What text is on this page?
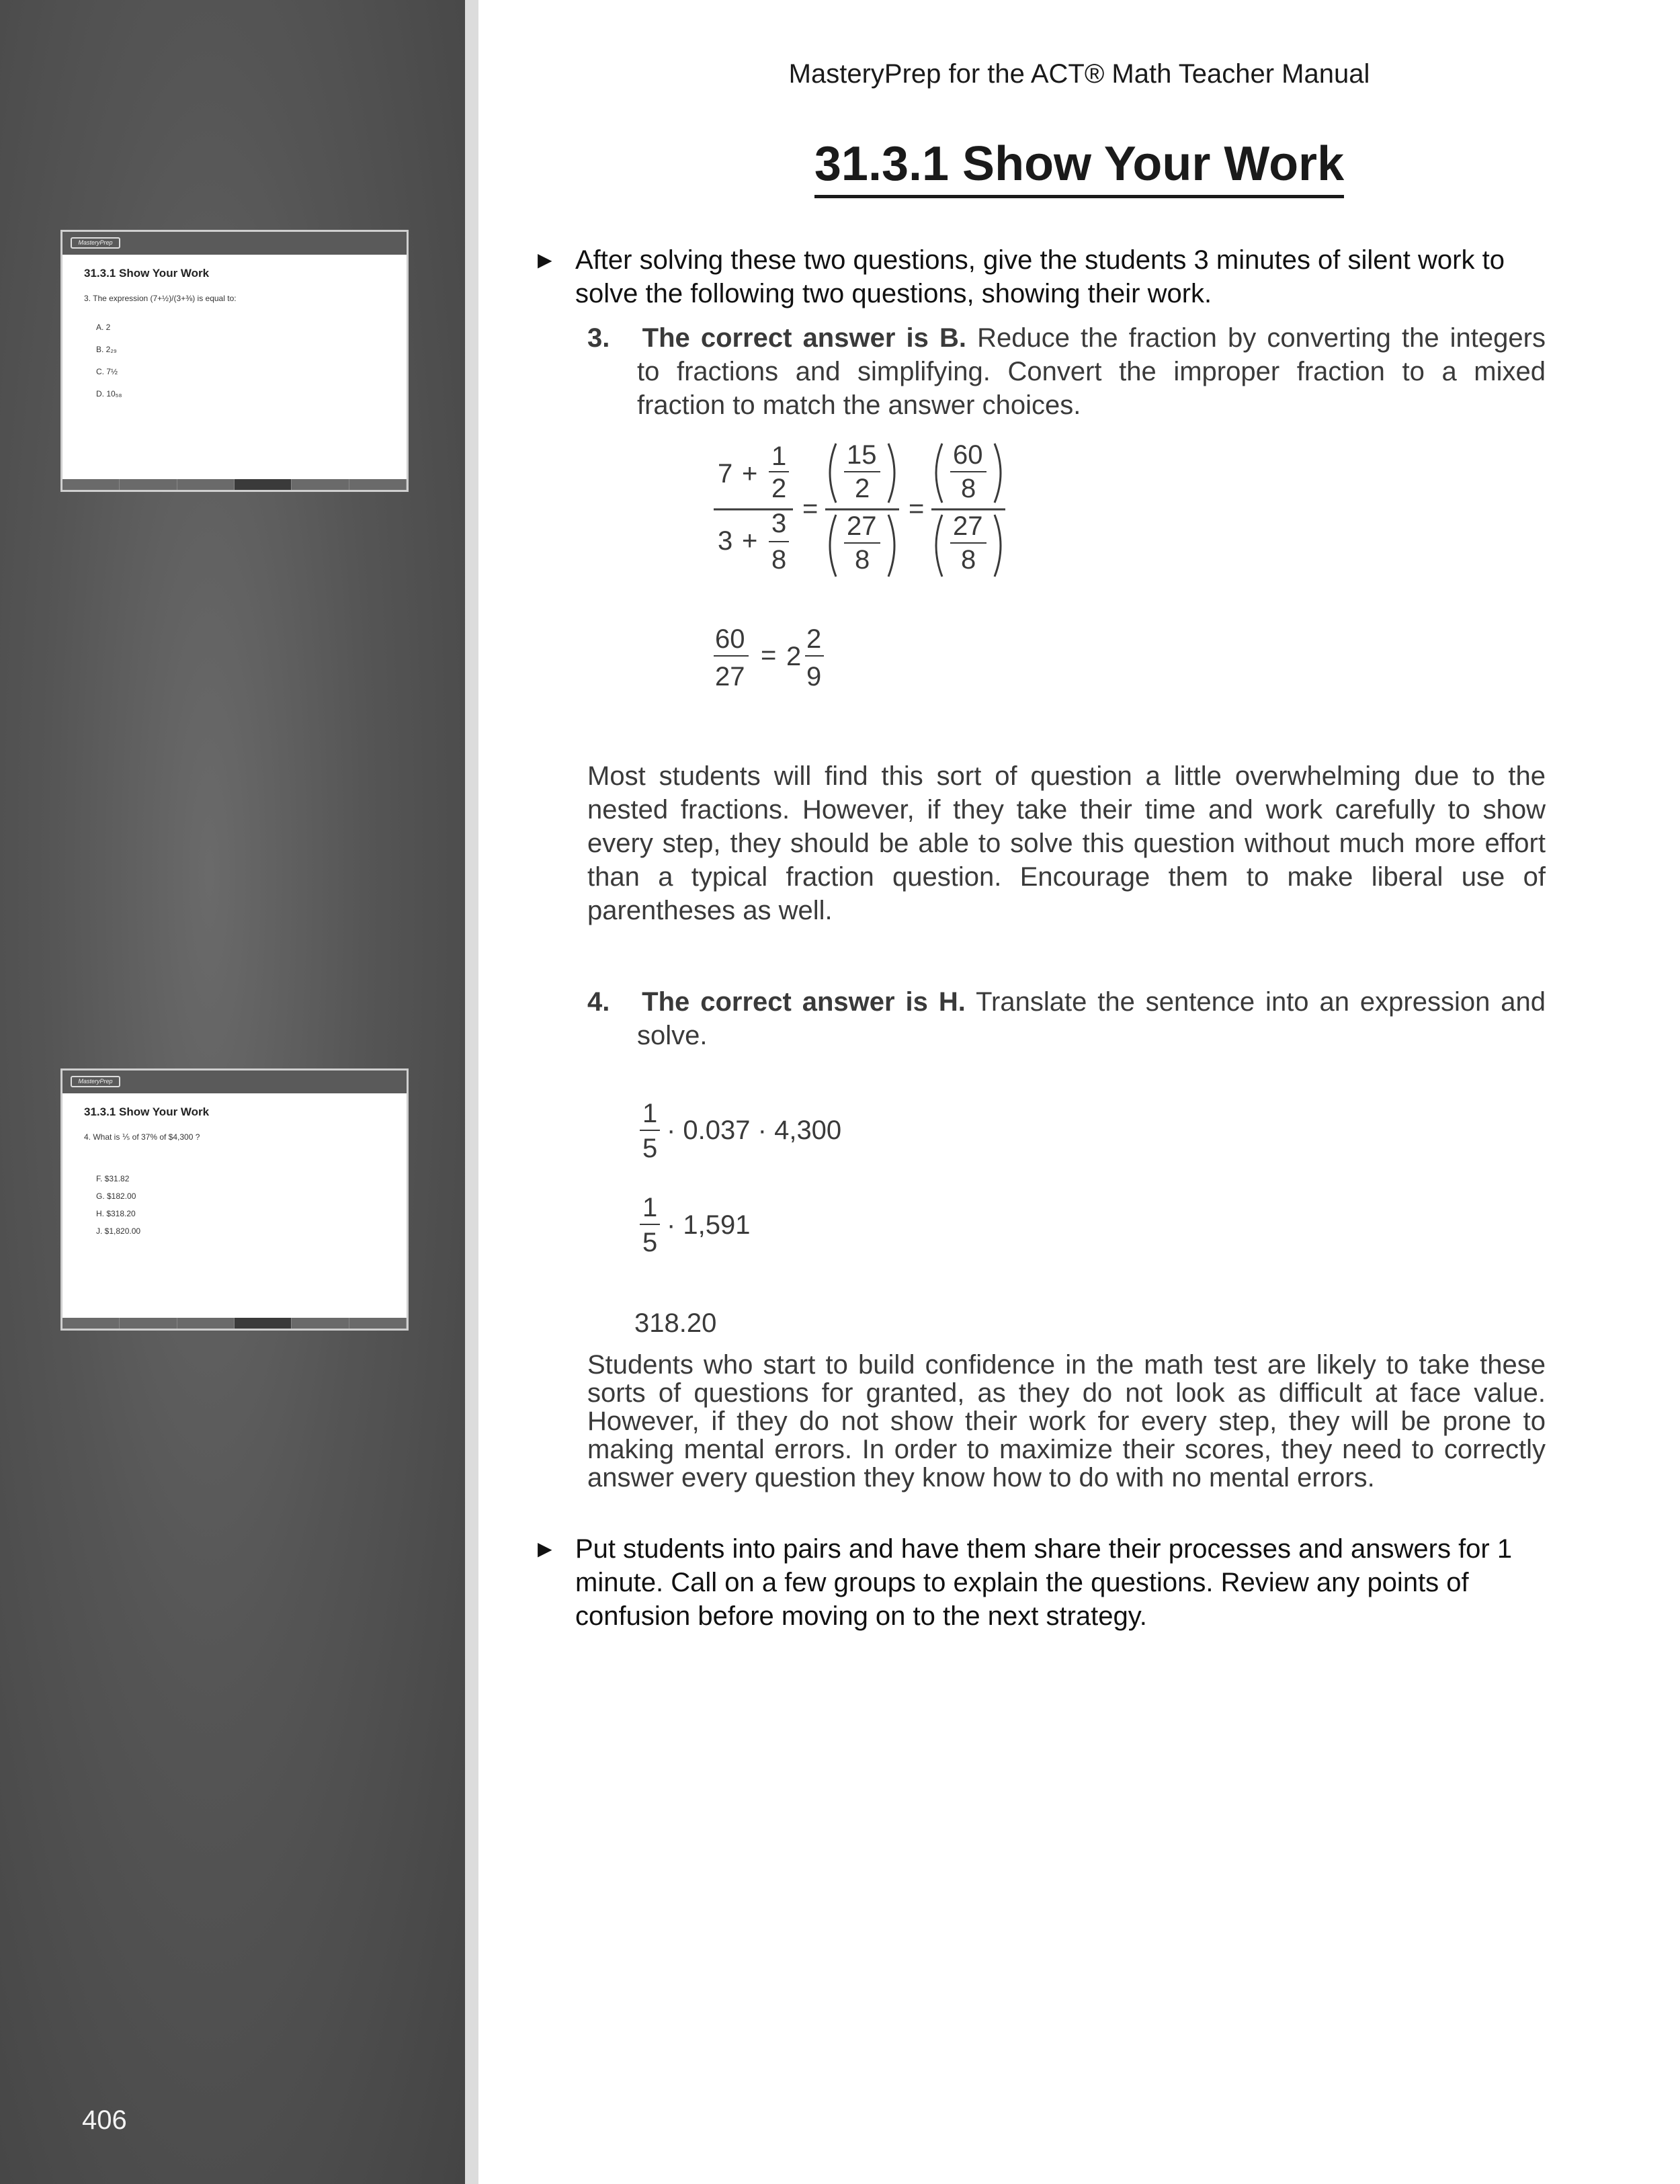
MasteryPrep
31.3.1 Show Your Work
3. The expression (7+½)/(3+⅜) is equal to:
A. 2
B. 2₂₉
C. 7½
D. 10₅₈
MasteryPrep
31.3.1 Show Your Work
4. What is ⅕ of 37% of $4,300 ?
F. $31.82
G. $182.00
H. $318.20
J. $1,820.00
406
MasteryPrep for the ACT® Math Teacher Manual
31.3.1 Show Your Work
▶ After solving these two questions, give the students 3 minutes of silent work to solve the following two questions, showing their work.
3. The correct answer is B. Reduce the fraction by converting the integers
to fractions and simplifying. Convert the improper fraction to a mixed
fraction to match the answer choices.
7 +
1
2
3
3 +
8
=
15
2
27
8
=
60
8
27
8
60
27
= 2
2
9
Most students will find this sort of question a little overwhelming due to the nested fractions. However, if they take their time and work carefully to show every step, they should be able to solve this question without much more effort than a typical fraction question. Encourage them to make liberal use of parentheses as well.
4. The correct answer is H. Translate the sentence into an expression and
solve.
1
5
· 0.037 · 4,300
1
5
· 1,591
318.20
Students who start to build confidence in the math test are likely to take these sorts of questions for granted, as they do not look as difficult at face value. However, if they do not show their work for every step, they will be prone to making mental errors. In order to maximize their scores, they need to correctly answer every question they know how to do with no mental errors.
▶ Put students into pairs and have them share their processes and answers for 1 minute. Call on a few groups to explain the questions. Review any points of confusion before moving on to the next strategy.
